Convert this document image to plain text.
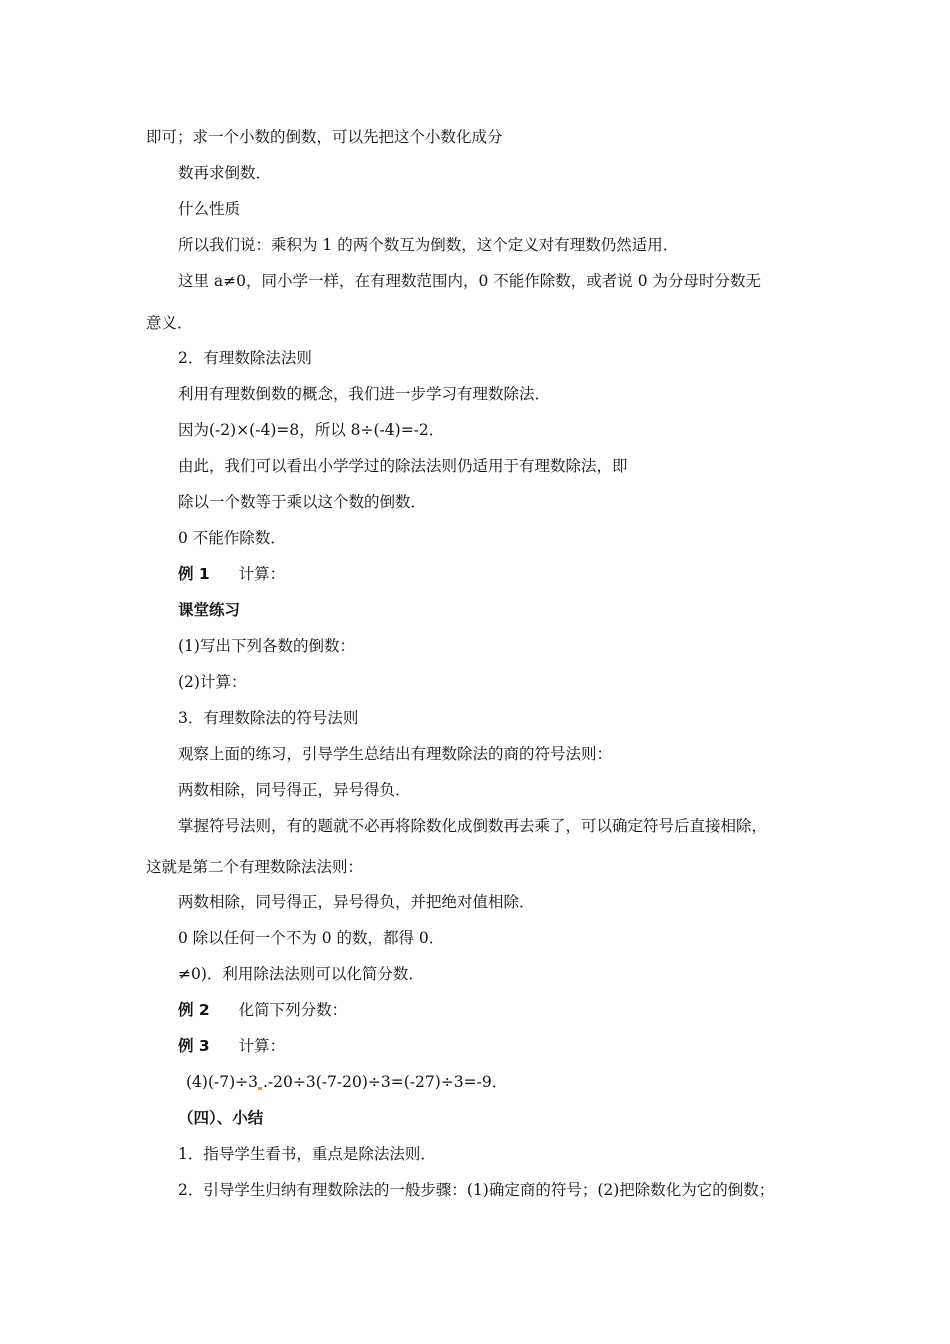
即可；求一个小数的倒数，可以先把这个小数化成分
数再求倒数．
什么性质
所以我们说：乘积为 1 的两个数互为倒数，这个定义对有理数仍然适用．
这里 a≠0，同小学一样，在有理数范围内，0 不能作除数，或者说 0 为分母时分数无
意义．
2．有理数除法法则
利用有理数倒数的概念，我们进一步学习有理数除法．
因为(-2)×(-4)=8，所以 8÷(-4)=-2．
由此，我们可以看出小学学过的除法法则仍适用于有理数除法，即
除以一个数等于乘以这个数的倒数．
0 不能作除数．
例 1 计算：
课堂练习
(1)写出下列各数的倒数：
(2)计算：
3．有理数除法的符号法则
观察上面的练习，引导学生总结出有理数除法的商的符号法则：
两数相除，同号得正，异号得负．
掌握符号法则，有的题就不必再将除数化成倒数再去乘了，可以确定符号后直接相除，
这就是第二个有理数除法法则：
两数相除，同号得正，异号得负，并把绝对值相除．
0 除以任何一个不为 0 的数，都得 0．
≠0)．利用除法法则可以化简分数．
例 2 化简下列分数：
例 3 计算：
(4)(-7)÷3 .-20÷3(-7-20)÷3=(-27)÷3=-9．
（四）、小结
1．指导学生看书，重点是除法法则．
2．引导学生归纳有理数除法的一般步骤：(1)确定商的符号；(2)把除数化为它的倒数；
